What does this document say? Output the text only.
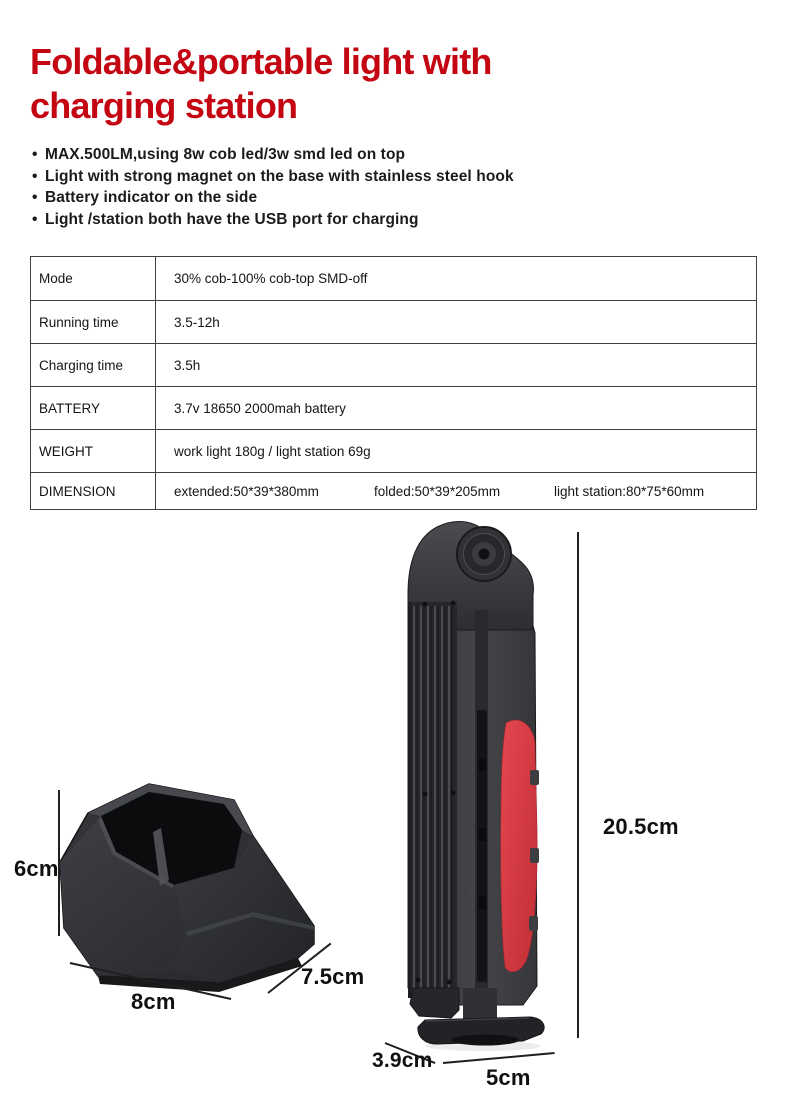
Foldable&portable light with
charging station
• MAX.500LM,using 8w cob led/3w smd led on top
• Light with strong magnet on the base with stainless steel hook
• Battery indicator on the side
• Light /station both have the USB port for charging
Mode	30% cob-100% cob-top SMD-off
Running time	3.5-12h
Charging time	3.5h
BATTERY	3.7v 18650 2000mah battery
WEIGHT	work light 180g / light station 69g
DIMENSION	extended:50*39*380mm folded:50*39*205mm light station:80*75*60mm
6cm
8cm
7.5cm
20.5cm
3.9cm
5cm
